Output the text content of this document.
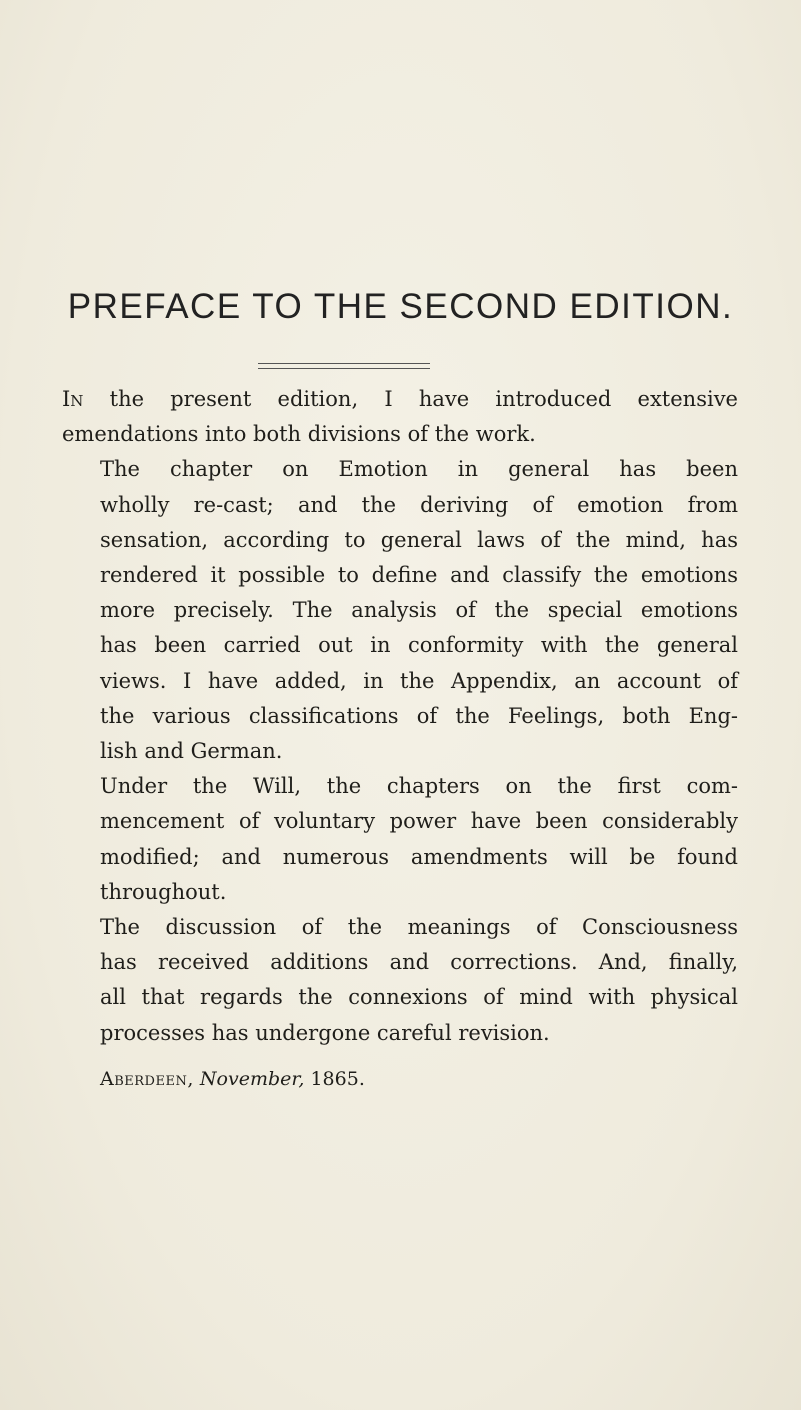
PREFACE TO THE SECOND EDITION.

In the present edition, I have introduced extensive
emendations into both divisions of the work.

The chapter on Emotion in general has been
wholly re-cast; and the deriving of emotion from
sensation, according to general laws of the mind, has
rendered it possible to define and classify the emotions
more precisely. The analysis of the special emotions
has been carried out in conformity with the general
views. I have added, in the Appendix, an account of
the various classifications of the Feelings, both Eng-
lish and German.

Under the Will, the chapters on the first com-
mencement of voluntary power have been considerably
modified; and numerous amendments will be found
throughout.

The discussion of the meanings of Consciousness
has received additions and corrections. And, finally,
all that regards the connexions of mind with physical
processes has undergone careful revision.

Aberdeen, November, 1865.
